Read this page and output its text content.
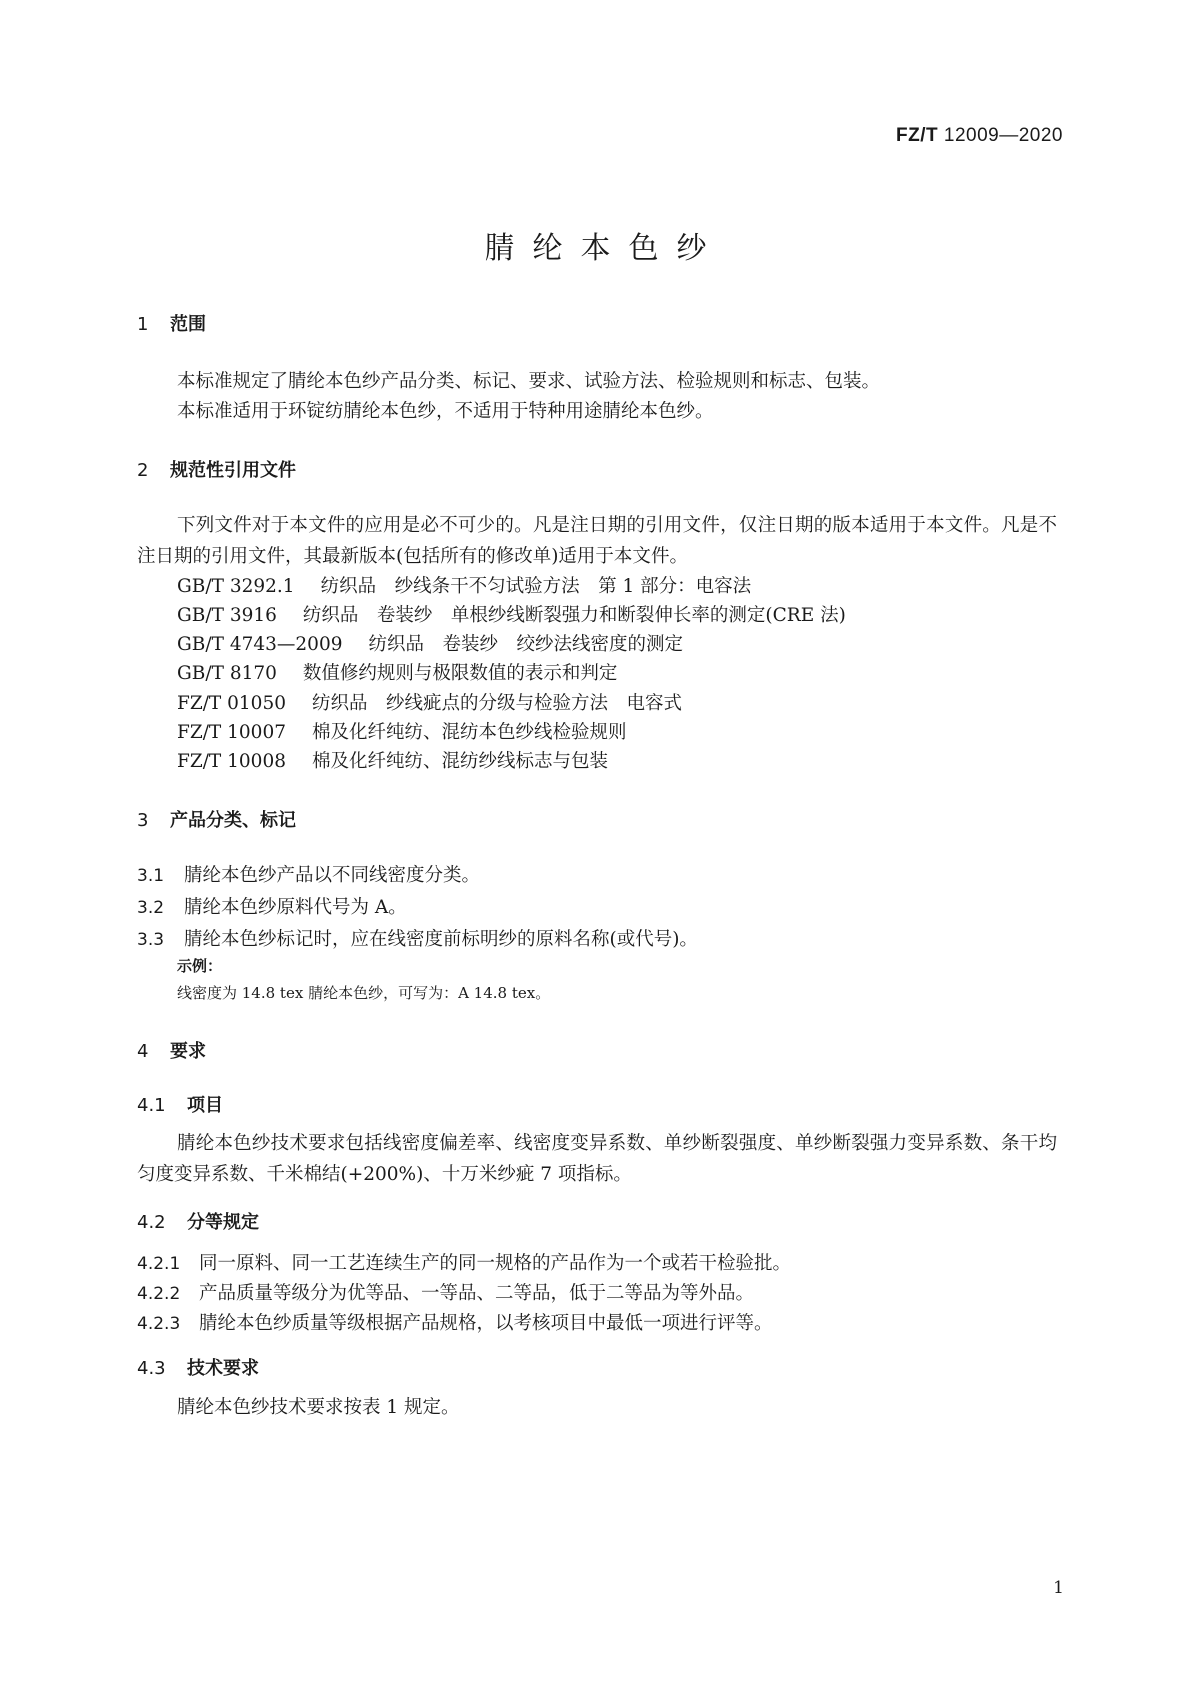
FZ/T 12009—2020
腈纶本色纱
1 范围
本标准规定了腈纶本色纱产品分类、标记、要求、试验方法、检验规则和标志、包装。
本标准适用于环锭纺腈纶本色纱，不适用于特种用途腈纶本色纱。
2 规范性引用文件
下列文件对于本文件的应用是必不可少的。凡是注日期的引用文件，仅注日期的版本适用于本文件。凡是不注日期的引用文件，其最新版本(包括所有的修改单)适用于本文件。
GB/T 3292.1 纺织品　纱线条干不匀试验方法　第 1 部分：电容法
GB/T 3916 纺织品　卷装纱　单根纱线断裂强力和断裂伸长率的测定(CRE 法)
GB/T 4743—2009 纺织品　卷装纱　绞纱法线密度的测定
GB/T 8170 数值修约规则与极限数值的表示和判定
FZ/T 01050 纺织品　纱线疵点的分级与检验方法　电容式
FZ/T 10007 棉及化纤纯纺、混纺本色纱线检验规则
FZ/T 10008 棉及化纤纯纺、混纺纱线标志与包装
3 产品分类、标记
3.1 腈纶本色纱产品以不同线密度分类。
3.2 腈纶本色纱原料代号为 A。
3.3 腈纶本色纱标记时，应在线密度前标明纱的原料名称(或代号)。
示例：
线密度为 14.8 tex 腈纶本色纱，可写为：A 14.8 tex。
4 要求
4.1 项目
腈纶本色纱技术要求包括线密度偏差率、线密度变异系数、单纱断裂强度、单纱断裂强力变异系数、条干均匀度变异系数、千米棉结(+200%)、十万米纱疵 7 项指标。
4.2 分等规定
4.2.1 同一原料、同一工艺连续生产的同一规格的产品作为一个或若干检验批。
4.2.2 产品质量等级分为优等品、一等品、二等品，低于二等品为等外品。
4.2.3 腈纶本色纱质量等级根据产品规格，以考核项目中最低一项进行评等。
4.3 技术要求
腈纶本色纱技术要求按表 1 规定。
1
